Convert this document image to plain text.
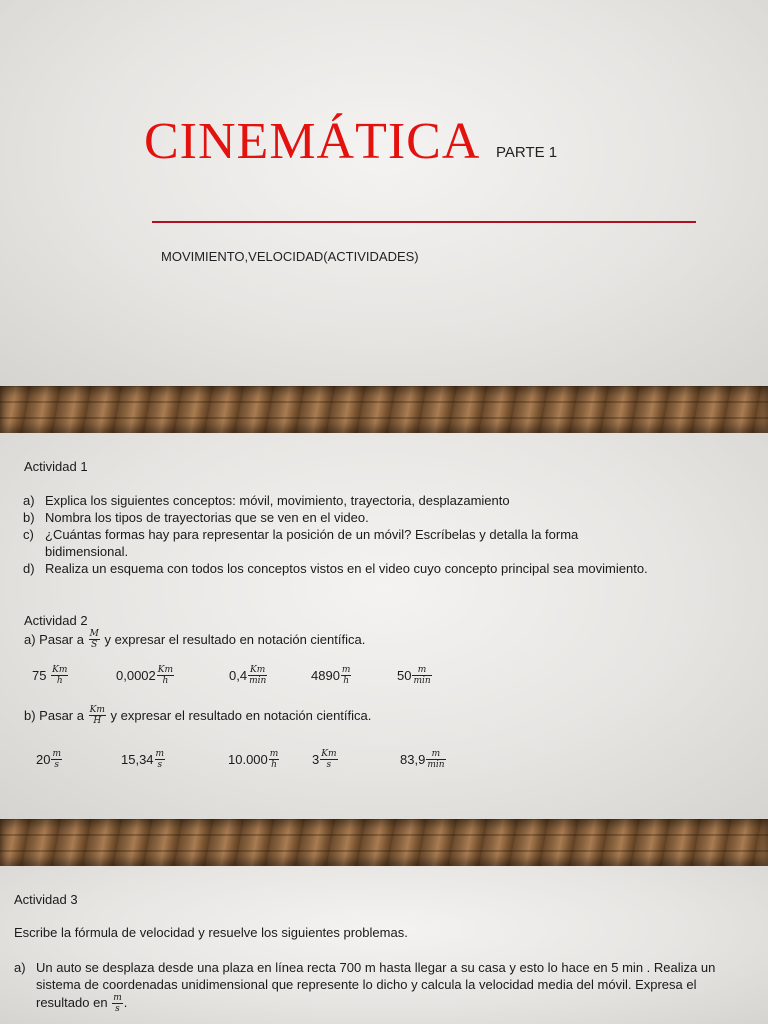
CINEMÁTICA PARTE 1
MOVIMIENTO,VELOCIDAD(ACTIVIDADES)

Actividad 1

a) Explica los siguientes conceptos: móvil, movimiento, trayectoria, desplazamiento
b) Nombra los tipos de trayectorias que se ven en el video.
c) ¿Cuántas formas hay para representar la posición de un móvil? Escríbelas y detalla la forma bidimensional.
d) Realiza un esquema con todos los conceptos vistos en el video cuyo concepto principal sea movimiento.

Actividad 2

a) Pasar a $\frac{M}{S}$ y expresar el resultado en notación científica.
$75 \frac{Km}{h}$	$0,0002 \frac{Km}{h}$	$0,4 \frac{Km}{\min}$	$4890 \frac{m}{h}$	$50 \frac{m}{\min}$
b) Pasar a $\frac{Km}{H}$ y expresar el resultado en notación científica.
$20 \frac{m}{s}$	$15,34 \frac{m}{s}$	$10.000 \frac{m}{h}$	$3 \frac{Km}{s}$	$83,9 \frac{m}{\min}$

Actividad 3

Escribe la fórmula de velocidad y resuelve los siguientes problemas.

a) Un auto se desplaza desde una plaza en línea recta 700 m hasta llegar a su casa y esto lo hace en 5 min . Realiza un sistema de coordenadas unidimensional que represente lo dicho y calcula la velocidad media del móvil. Expresa el resultado en $\frac{m}{s}$ .
